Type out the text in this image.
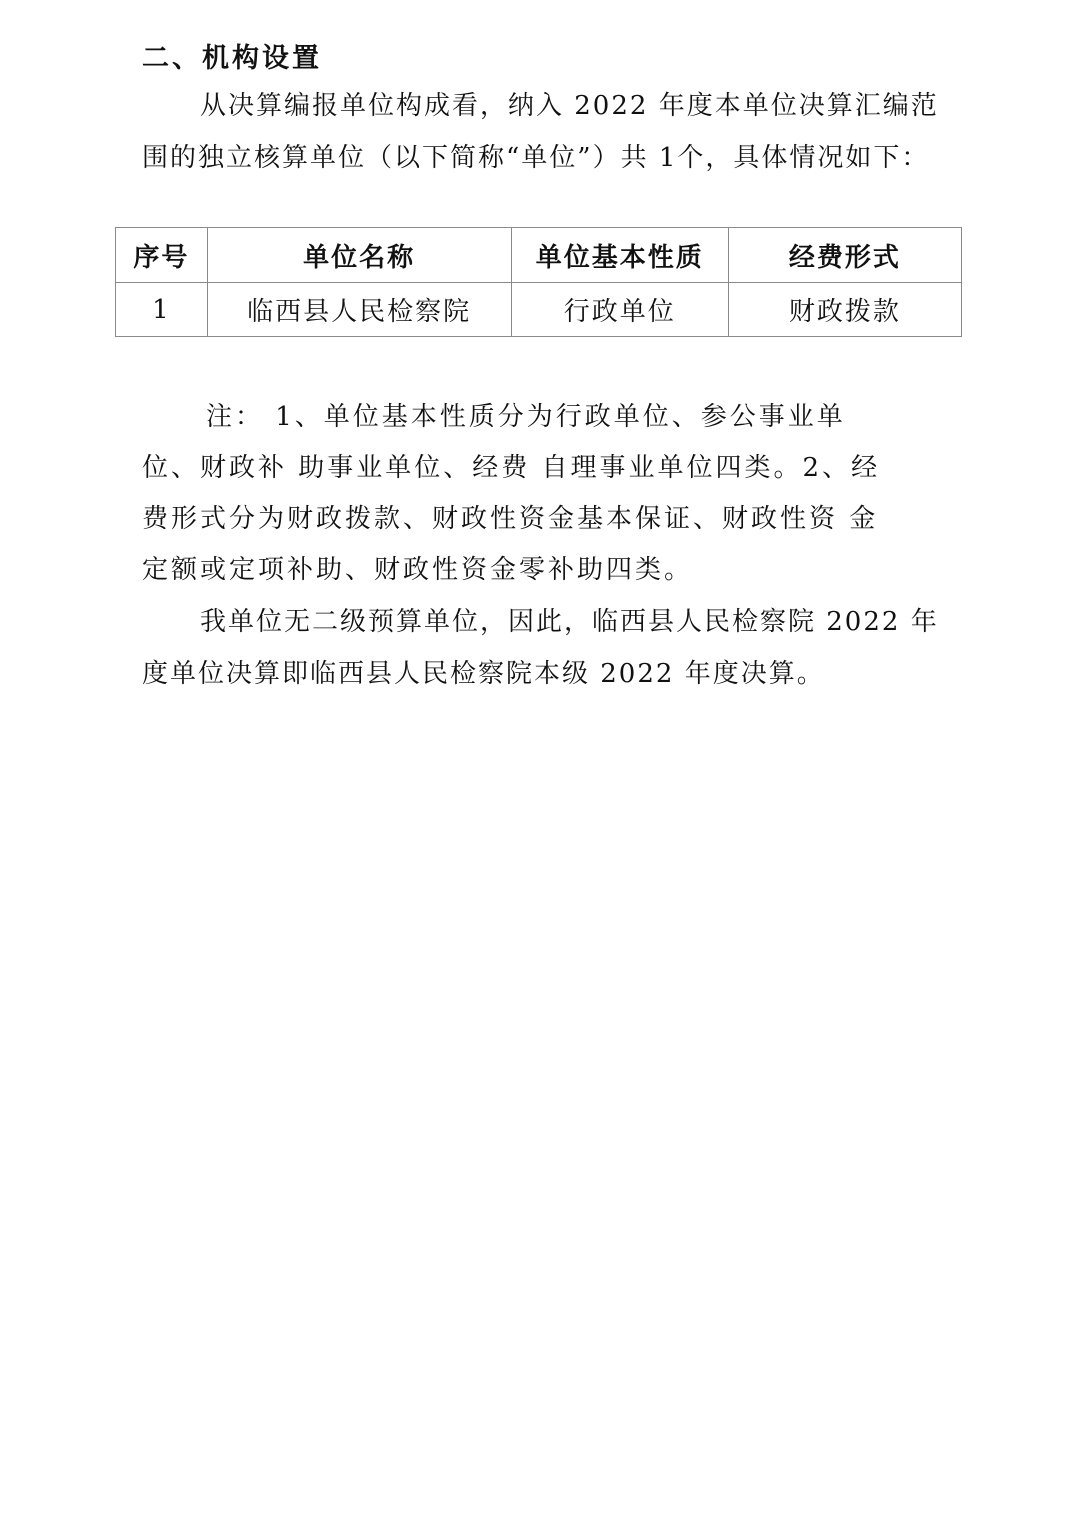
二、机构设置

从决算编报单位构成看，纳入 2022 年度本单位决算汇编范围的独立核算单位（以下简称“单位”）共 1个，具体情况如下：

序号	单位名称	单位基本性质	经费形式
1	临西县人民检察院	行政单位	财政拨款

注： 1、单位基本性质分为行政单位、参公事业单位、财政补 助事业单位、经费 自理事业单位四类。2、经费形式分为财政拨款、财政性资金基本保证、财政性资 金定额或定项补助、财政性资金零补助四类。

我单位无二级预算单位，因此，临西县人民检察院 2022 年度单位决算即临西县人民检察院本级 2022 年度决算。
